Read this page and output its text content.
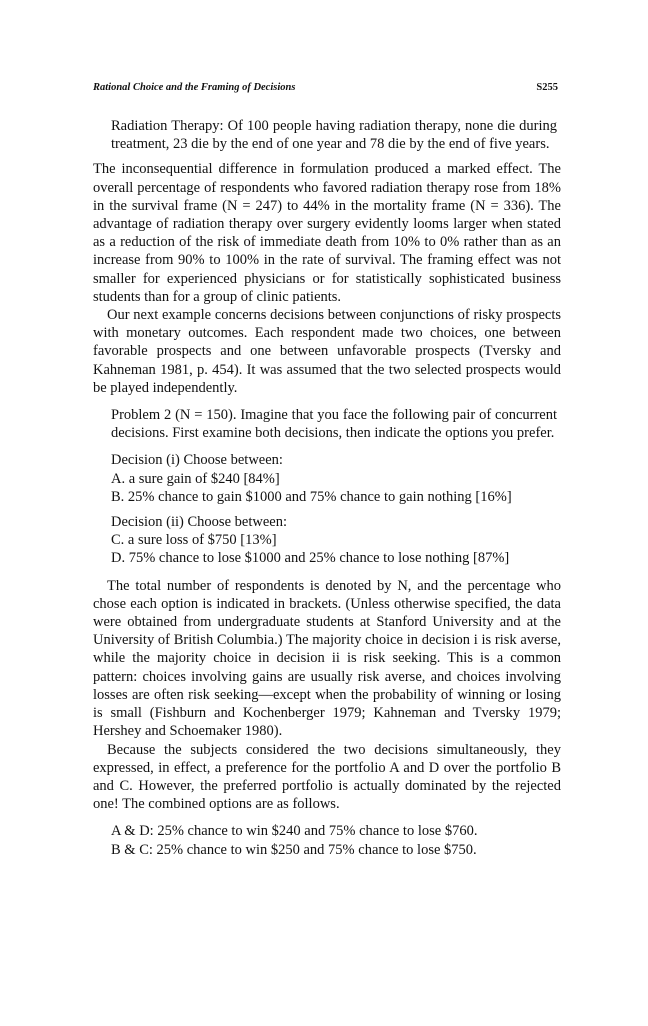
Rational Choice and the Framing of Decisions	S255

Radiation Therapy: Of 100 people having radiation therapy, none die during treatment, 23 die by the end of one year and 78 die by the end of five years.

The inconsequential difference in formulation produced a marked effect. The overall percentage of respondents who favored radiation therapy rose from 18% in the survival frame (N = 247) to 44% in the mortality frame (N = 336). The advantage of radiation therapy over surgery evidently looms larger when stated as a reduction of the risk of immediate death from 10% to 0% rather than as an increase from 90% to 100% in the rate of survival. The framing effect was not smaller for experienced physicians or for statistically sophisticated business students than for a group of clinic patients.

Our next example concerns decisions between conjunctions of risky prospects with monetary outcomes. Each respondent made two choices, one between favorable prospects and one between unfavorable prospects (Tversky and Kahneman 1981, p. 454). It was assumed that the two selected prospects would be played independently.

Problem 2 (N = 150). Imagine that you face the following pair of concurrent decisions. First examine both decisions, then indicate the options you prefer.

Decision (i) Choose between:
A. a sure gain of $240 [84%]
B. 25% chance to gain $1000 and 75% chance to gain nothing [16%]
Decision (ii) Choose between:
C. a sure loss of $750 [13%]
D. 75% chance to lose $1000 and 25% chance to lose nothing [87%]

The total number of respondents is denoted by N, and the percentage who chose each option is indicated in brackets. (Unless otherwise specified, the data were obtained from undergraduate students at Stanford University and at the University of British Columbia.) The majority choice in decision i is risk averse, while the majority choice in decision ii is risk seeking. This is a common pattern: choices involving gains are usually risk averse, and choices involving losses are often risk seeking—except when the probability of winning or losing is small (Fishburn and Kochenberger 1979; Kahneman and Tversky 1979; Hershey and Schoemaker 1980).

Because the subjects considered the two decisions simultaneously, they expressed, in effect, a preference for the portfolio A and D over the portfolio B and C. However, the preferred portfolio is actually dominated by the rejected one! The combined options are as follows.

A & D: 25% chance to win $240 and 75% chance to lose $760.
B & C: 25% chance to win $250 and 75% chance to lose $750.
